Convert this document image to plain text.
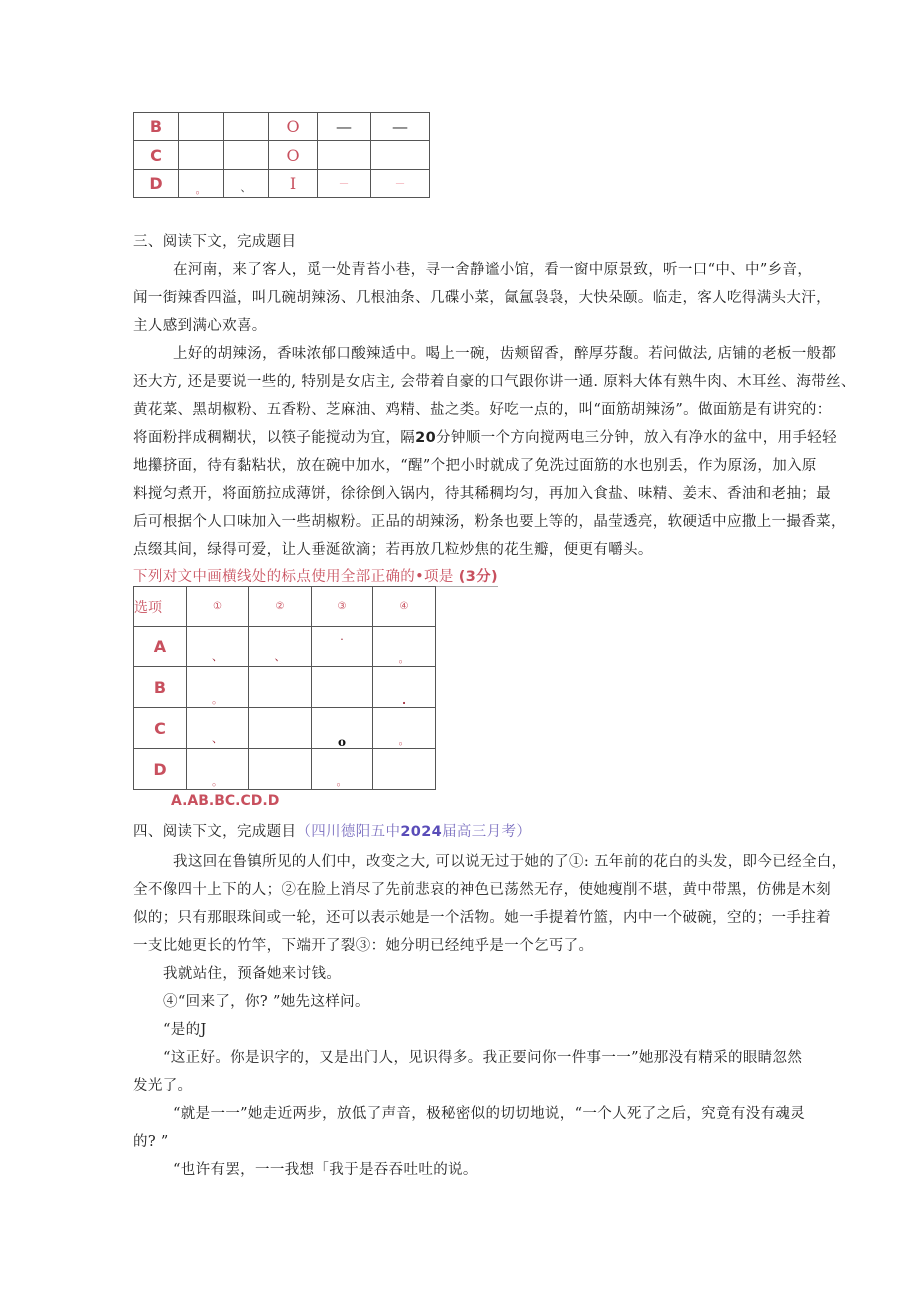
B			O	—	—
C			O		
D	。	、	I	—	—
三、阅读下文，完成题目
在河南，来了客人，觅一处青苔小巷，寻一舍静谧小馆，看一窗中原景致，听一口“中、中”乡音，
闻一街辣香四溢，叫几碗胡辣汤、几根油条、几碟小菜，氤氲袅袅，大快朵颐。临走，客人吃得满头大汗，
主人感到满心欢喜。
上好的胡辣汤，香味浓郁口酸辣适中。喝上一碗，齿颊留香，醉厚芬馥。若问做法, 店铺的老板一般都
还大方, 还是要说一些的, 特别是女店主, 会带着自豪的口气跟你讲一通. 原料大体有熟牛肉、木耳丝、海带丝、
黄花菜、黑胡椒粉、五香粉、芝麻油、鸡精、盐之类。好吃一点的，叫“面筋胡辣汤”。做面筋是有讲究的：
将面粉拌成稠糊状，以筷子能搅动为宜，隔20分钟顺一个方向搅两电三分钟，放入有净水的盆中，用手轻轻
地攥挤面，待有黏粘状，放在碗中加水，“醒”个把小时就成了免洗过面筋的水也别丢，作为原汤，加入原
料搅匀煮开，将面筋拉成薄饼，徐徐倒入锅内，待其稀稠均匀，再加入食盐、味精、姜末、香油和老抽；最
后可根据个人口味加入一些胡椒粉。正品的胡辣汤，粉条也要上等的，晶莹透亮，软硬适中应撒上一撮香菜，
点缀其间，绿得可爱，让人垂涎欲滴；若再放几粒炒焦的花生瓣，便更有嚼头。
下列对文中画横线处的标点使用全部正确的•项是 (3分)
选项	①	②	③	④
A	、	、	·	。

B	。			.

C	、		o	。

D	。		。	

A.AB.BC.CD.D
四、阅读下文，完成题目（四川德阳五中2024届高三月考）
我这回在鲁镇所见的人们中，改变之大, 可以说无过于她的了①: 五年前的花白的头发，即今已经全白，
全不像四十上下的人；②在脸上消尽了先前悲哀的神色已荡然无存，使她瘦削不堪，黄中带黑，仿佛是木刻
似的；只有那眼珠间或一轮，还可以表示她是一个活物。她一手提着竹篮，内中一个破碗，空的；一手拄着
一支比她更长的竹竿，下端开了裂③：她分明已经纯乎是一个乞丐了。
我就站住，预备她来讨钱。
④“回来了，你? ”她先这样问。
“是的J
“这正好。你是识字的，又是出门人，见识得多。我正要问你一件事一一”她那没有精采的眼睛忽然
发光了。
“就是一一”她走近两步，放低了声音，极秘密似的切切地说，“一个人死了之后，究竟有没有魂灵
的? ”
“也许有罢，一一我想「我于是吞吞吐吐的说。
